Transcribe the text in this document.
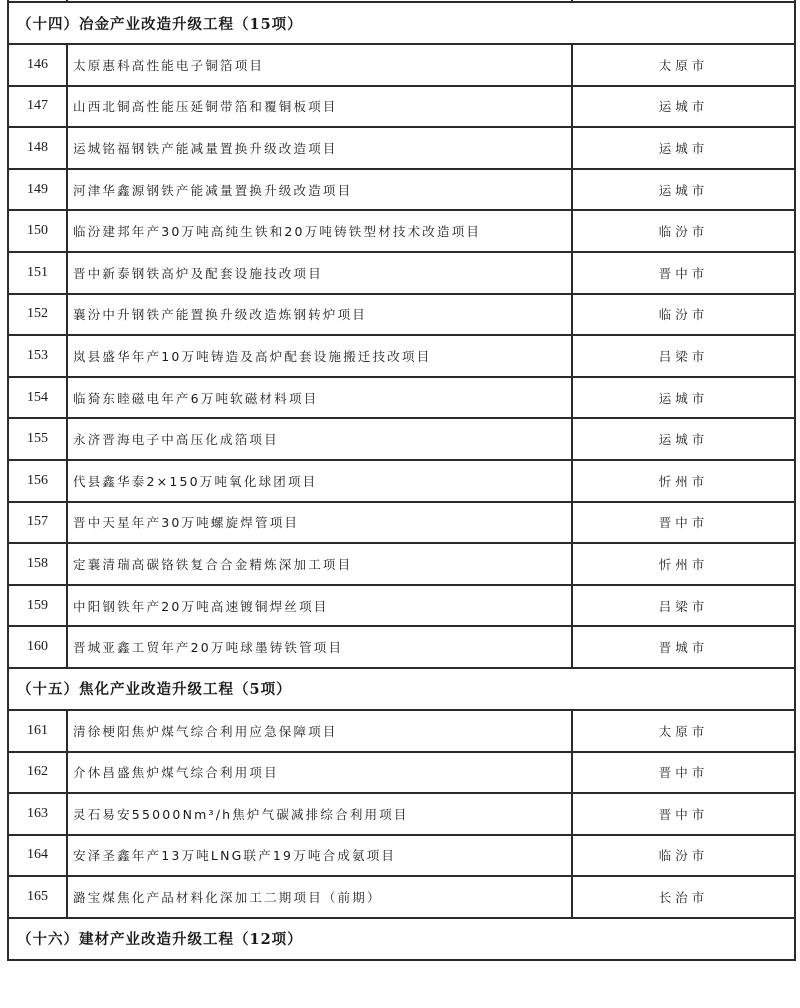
（十四）冶金产业改造升级工程（15项）		
146	太原惠科高性能电子铜箔项目	太原市
147	山西北铜高性能压延铜带箔和覆铜板项目	运城市
148	运城铭福钢铁产能减量置换升级改造项目	运城市
149	河津华鑫源钢铁产能减量置换升级改造项目	运城市
150	临汾建邦年产30万吨高纯生铁和20万吨铸铁型材技术改造项目	临汾市
151	晋中新泰钢铁高炉及配套设施技改项目	晋中市
152	襄汾中升钢铁产能置换升级改造炼钢转炉项目	临汾市
153	岚县盛华年产10万吨铸造及高炉配套设施搬迁技改项目	吕梁市
154	临猗东睦磁电年产6万吨软磁材料项目	运城市
155	永济晋海电子中高压化成箔项目	运城市
156	代县鑫华泰2×150万吨氧化球团项目	忻州市
157	晋中天星年产30万吨螺旋焊管项目	晋中市
158	定襄清瑞高碳铬铁复合合金精炼深加工项目	忻州市
159	中阳钢铁年产20万吨高速镀铜焊丝项目	吕梁市
160	晋城亚鑫工贸年产20万吨球墨铸铁管项目	晋城市
（十五）焦化产业改造升级工程（5项）		
161	清徐梗阳焦炉煤气综合利用应急保障项目	太原市
162	介休昌盛焦炉煤气综合利用项目	晋中市
163	灵石易安55000Nm³/h焦炉气碳减排综合利用项目	晋中市
164	安泽圣鑫年产13万吨LNG联产19万吨合成氨项目	临汾市
165	潞宝煤焦化产品材料化深加工二期项目（前期）	长治市
（十六）建材产业改造升级工程（12项）		
